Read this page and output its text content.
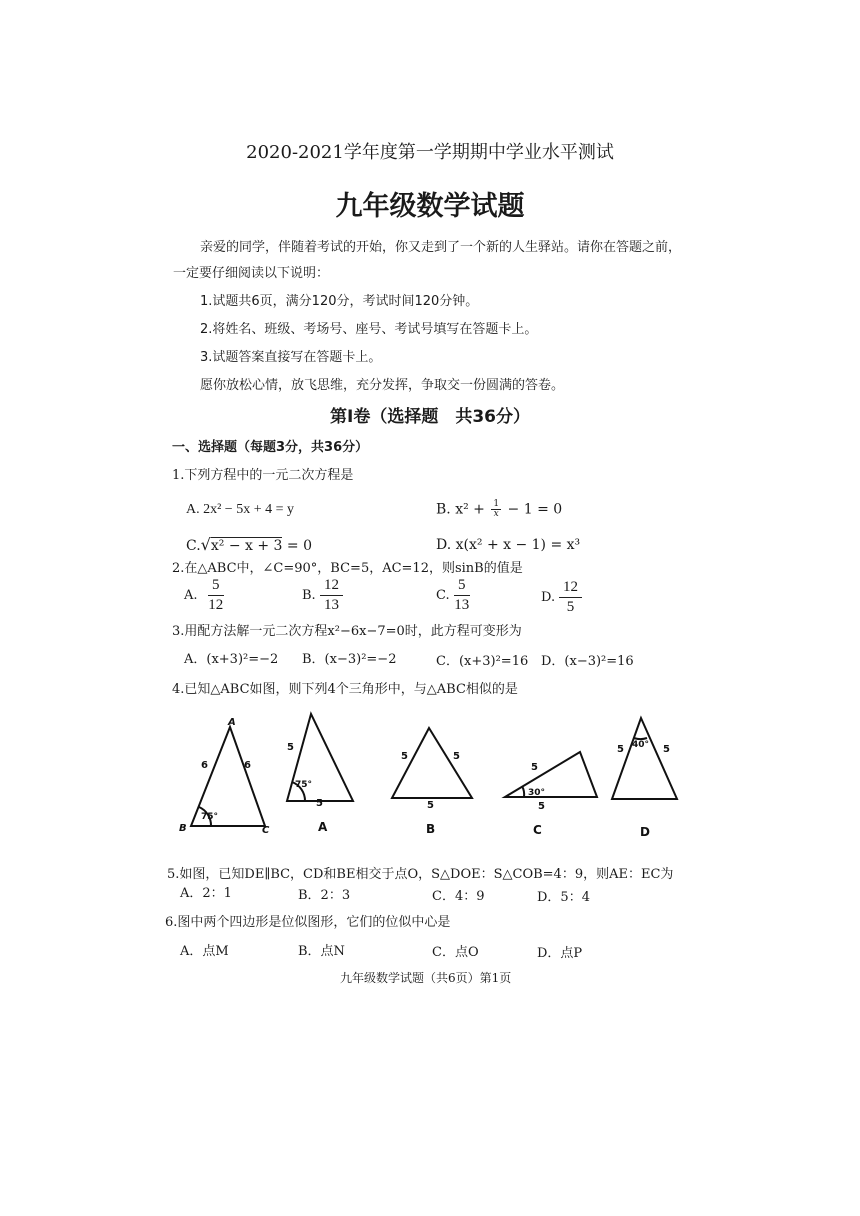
2020-2021学年度第一学期期中学业水平测试
九年级数学试题
亲爱的同学，伴随着考试的开始，你又走到了一个新的人生驿站。请你在答题之前，
一定要仔细阅读以下说明：
1.试题共6页，满分120分，考试时间120分钟。
2.将姓名、班级、考场号、座号、考试号填写在答题卡上。
3.试题答案直接写在答题卡上。
愿你放松心情，放飞思维，充分发挥，争取交一份圆满的答卷。
第Ⅰ卷（选择题　共36分）
一、选择题（每题3分，共36分）
1.下列方程中的一元二次方程是
A. 2x² − 5x + 4 = y	B. $x^2 + \frac{1}{x} - 1 = 0$
C.√x² − x + 3 = 0	D. x(x² + x − 1) = x³
2.在△ABC中，∠C=90°，BC=5，AC=12，则sinB的值是
A. $\frac{5}{12}$	B. $\frac{12}{13}$	C. $\frac{5}{13}$	D. $\frac{12}{5}$
3.用配方法解一元二次方程x²−6x−7=0时，此方程可变形为
A．(x+3)²=−2 B．(x−3)²=−2	C．(x+3)²=16 D．(x−3)²=16
4.已知△ABC如图，则下列4个三角形中，与△ABC相似的是
A
B	C
6	6
75°
5
5
75°
5	5
5
5
5
30°
5	5
40°
A	B	C	D
5.如图，已知DE∥BC，CD和BE相交于点O，S△DOE：S△COB=4：9，则AE：EC为
A．2：1	B．2：3	C．4：9	D．5：4
6.图中两个四边形是位似图形，它们的位似中心是
A．点M	B．点N	C．点O	D．点P
九年级数学试题（共6页）第1页
